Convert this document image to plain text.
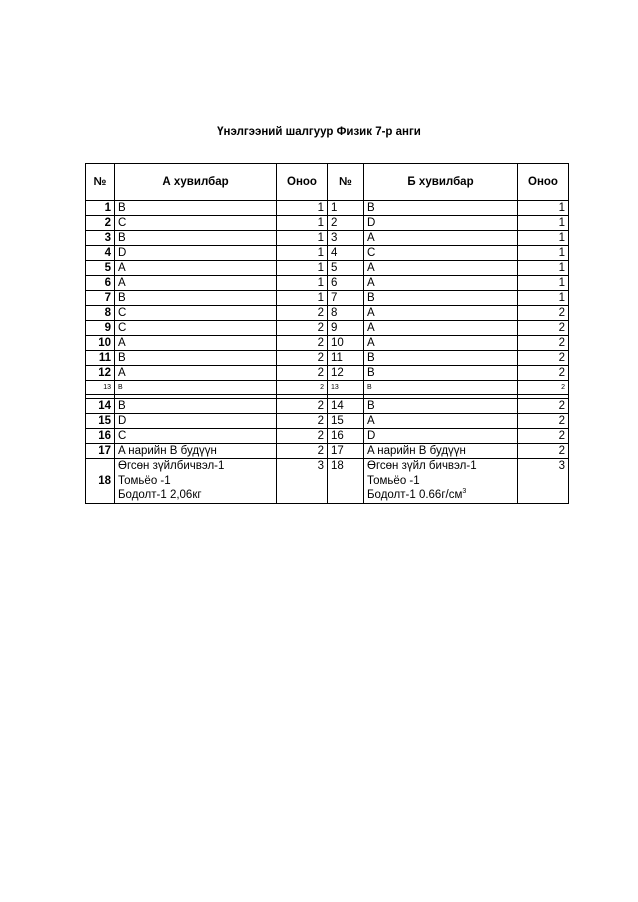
Үнэлгээний шалгуур Физик 7-р анги
№	А хувилбар	Оноо	№	Б хувилбар	Оноо
1	B	1	1	B	1
2	C	1	2	D	1
3	B	1	3	A	1
4	D	1	4	C	1
5	A	1	5	A	1
6	A	1	6	A	1
7	B	1	7	B	1
8	C	2	8	A	2
9	C	2	9	A	2
10	A	2	10	A	2
11	B	2	11	B	2
12	A	2	12	B	2
13	B	2	13	B	2

14	B	2	14	B	2
15	D	2	15	A	2
16	C	2	16	D	2
17	A нарийн B будүүн	2	17	A нарийн B будүүн	2
18	Өгсөн зүйлбичвэл-1
Томьёо -1
Бодолт-1 2,06кг	3	18	Өгсөн зүйл бичвэл-1
Томьёо -1
Бодолт-1 $0.66г/см^3$	3
